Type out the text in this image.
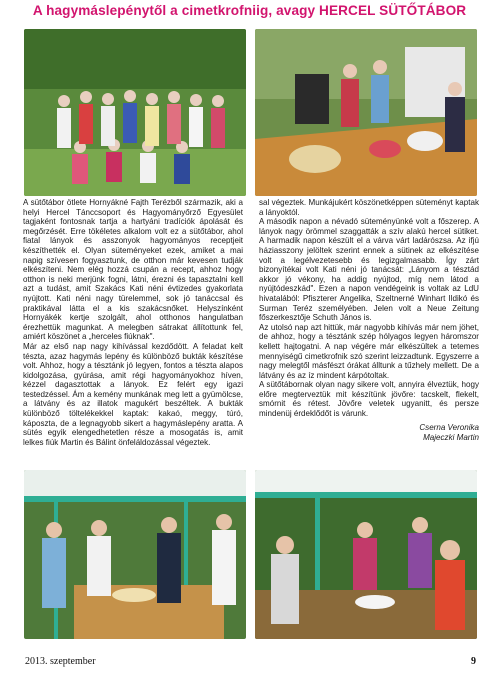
A hagymáslepénytől a cimetkrofniig, avagy HERCEL SÜTŐTÁBOR

A sütőtábor ötlete Hornyákné Fajth Terézből származik, aki a helyi Hercel Tánccsoport és Hagyományőrző Egyesület tagjaként fontosnak tartja a hartyáni tradíciók ápolását és megőrzését. Erre tökéletes alkalom volt ez a sütőtábor, ahol fiatal lányok és asszonyok hagyományos receptjeit készíthették el. Olyan süteményeket ezek, amiket a mai napig szívesen fogyasztunk, de otthon már kevesen tudják elkészíteni. Nem elég hozzá csupán a recept, ahhoz hogy otthon is neki merjünk fogni, látni, érezni és tapasztalni kell azt a tudást, amit Szakács Kati néni évtizedes gyakorlata nyújtott. Kati néni nagy türelemmel, sok jó tanáccsal és praktikával látta el a kis szakácsnőket. Helyszínként Hornyákék kertje szolgált, ahol otthonos hangulatban érezhettük magunkat. A melegben sátrakat állítottunk fel, amiért köszönet a „herceles fiúknak".

Már az első nap nagy kihívással kezdődött. A feladat kelt tészta, azaz hagymás lepény és különböző bukták készítése volt. Ahhoz, hogy a tésztánk jó legyen, fontos a tészta alapos kidolgozása, gyúrása, amit régi hagyományokhoz híven, kézzel dagasztottak a lányok. Ez felért egy igazi testedzéssel. Ám a kemény munkának meg lett a gyümölcse, a látvány és az illatok magukért beszéltek. A bukták különböző töltelékekkel kaptak: kakaó, meggy, túró, káposzta, de a legnagyobb sikert a hagymáslepény aratta. A sütés egyik elengedhetetlen része a mosogatás is, amit lelkes fiúk Martin és Bálint önfeláldozással végeztek.

sal végeztek. Munkájukért köszönetképpen süteményt kaptak a lányoktól.

A második napon a névadó süteményünké volt a főszerep. A lányok nagy örömmel szaggatták a szív alakú hercel sütiket. A harmadik napon készült el a várva várt ladárószsa. Az ifjú háziasszony jelöltek szerint ennek a sütinek az elkészítése volt a legélvezetesebb és legizgalmasabb. Így zárt bizonyítékai volt Kati néni jó tanácsát: „Lányom a tésztád akkor jó vékony, ha addig nyújtod, míg nem látod a nyújtódeszkád". Ezen a napon vendégeink is voltak az LdU hivatalából: Pfiszterer Angelika, Szeltnerné Winhart Ildikó és Surman Teréz személyében. Jelen volt a Neue Zeitung főszerkesztője Schuth János is.

Az utolsó nap azt hittük, már nagyobb kihívás már nem jöhet, de ahhoz, hogy a tésztánk szép hólyagos legyen háromszor kellett hajtogatni. A nap végére már elkészültek a tetemes mennyiségű cimetkrofnik szó szerint leizzadtunk. Egyszerre a nagy melegtől másfészt órákat álltunk a tűzhely mellett. De a látvány és az íz mindent kárpótoltak.

A sütőtábornak olyan nagy sikere volt, annyira élveztük, hogy előre megterveztük mit készítünk jövőre: tacskelt, flekelt, smórnit és rétest. Jövőre veletek ugyanitt, és persze mindenüj érdeklődőt is várunk.

Cserna Veronika
Majeczki Martin
2013. szeptember	9
